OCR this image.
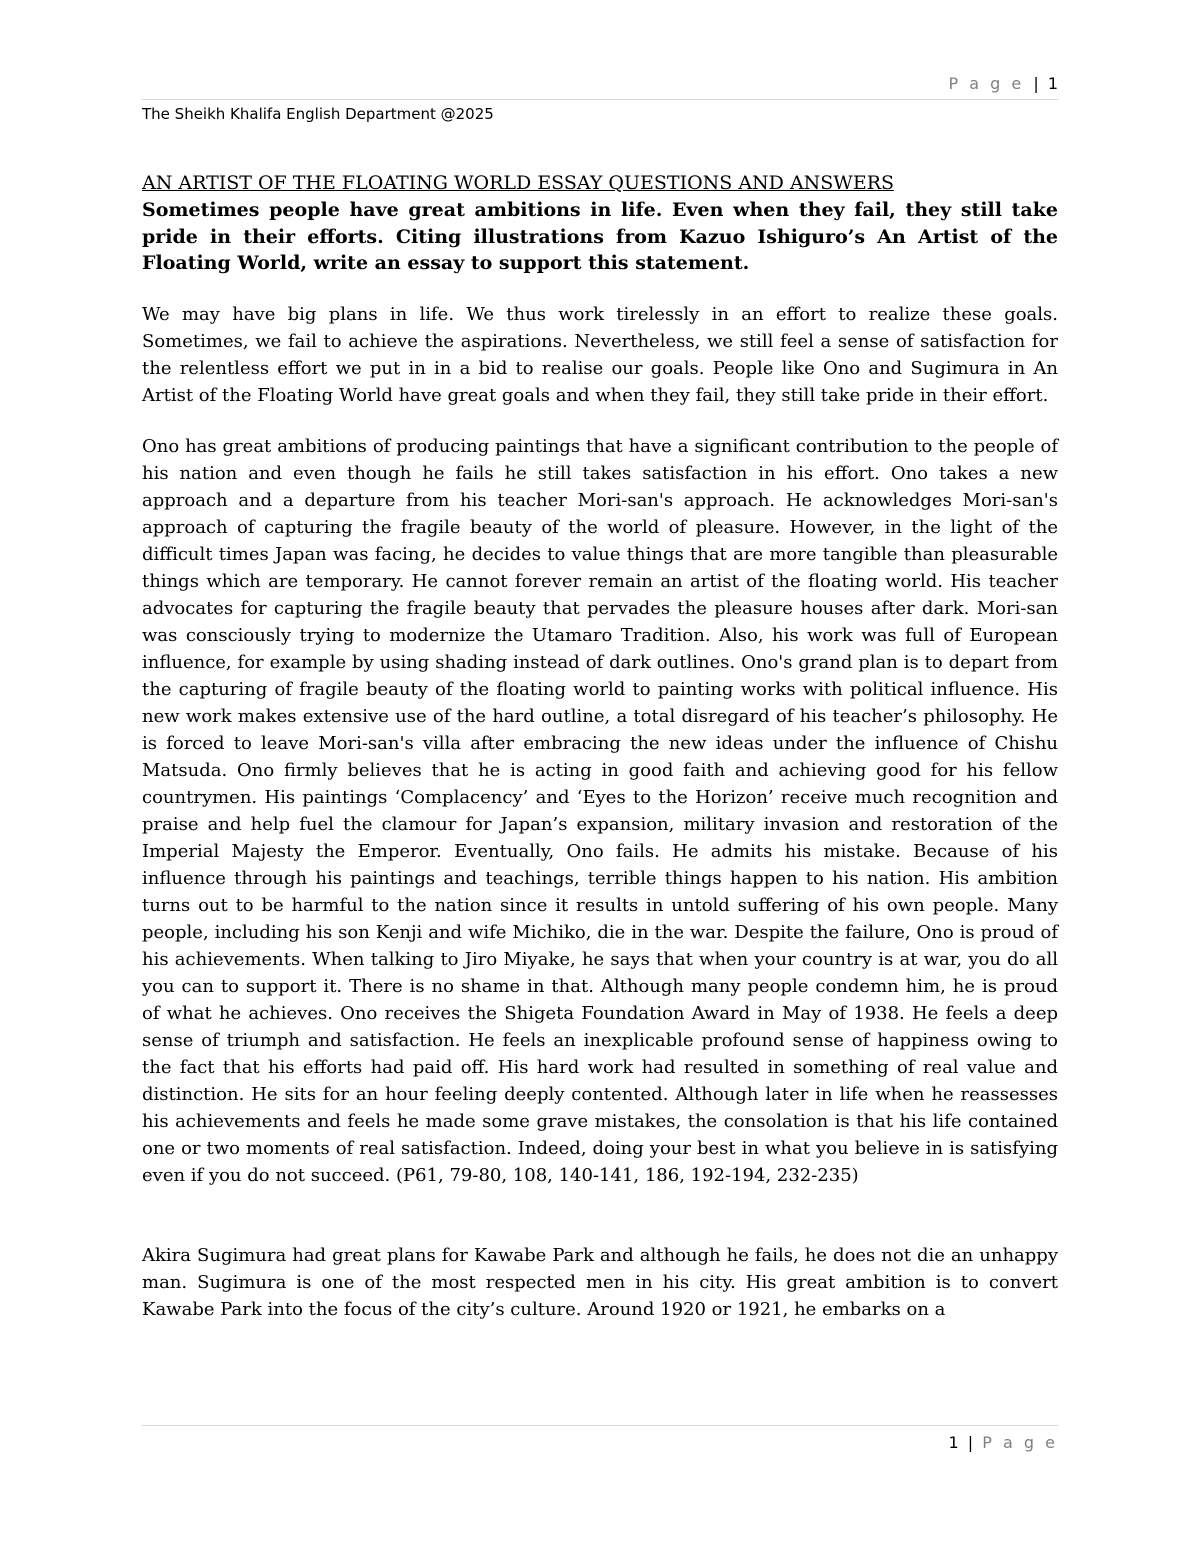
P a g e | 1
The Sheikh Khalifa English Department @2025
AN ARTIST OF THE FLOATING WORLD ESSAY QUESTIONS AND ANSWERS

Sometimes people have great ambitions in life. Even when they fail, they still take pride in their efforts. Citing illustrations from Kazuo Ishiguro’s An Artist of the Floating World, write an essay to support this statement.

We may have big plans in life. We thus work tirelessly in an effort to realize these goals. Sometimes, we fail to achieve the aspirations. Nevertheless, we still feel a sense of satisfaction for the relentless effort we put in in a bid to realise our goals. People like Ono and Sugimura in An Artist of the Floating World have great goals and when they fail, they still take pride in their effort.

Ono has great ambitions of producing paintings that have a significant contribution to the people of his nation and even though he fails he still takes satisfaction in his effort. Ono takes a new approach and a departure from his teacher Mori-san's approach. He acknowledges Mori-san's approach of capturing the fragile beauty of the world of pleasure. However, in the light of the difficult times Japan was facing, he decides to value things that are more tangible than pleasurable things which are temporary. He cannot forever remain an artist of the floating world. His teacher advocates for capturing the fragile beauty that pervades the pleasure houses after dark. Mori-san was consciously trying to modernize the Utamaro Tradition. Also, his work was full of European influence, for example by using shading instead of dark outlines. Ono's grand plan is to depart from the capturing of fragile beauty of the floating world to painting works with political influence. His new work makes extensive use of the hard outline, a total disregard of his teacher’s philosophy. He is forced to leave Mori-san's villa after embracing the new ideas under the influence of Chishu Matsuda. Ono firmly believes that he is acting in good faith and achieving good for his fellow countrymen. His paintings ‘Complacency’ and ‘Eyes to the Horizon’ receive much recognition and praise and help fuel the clamour for Japan’s expansion, military invasion and restoration of the Imperial Majesty the Emperor. Eventually, Ono fails. He admits his mistake. Because of his influence through his paintings and teachings, terrible things happen to his nation. His ambition turns out to be harmful to the nation since it results in untold suffering of his own people. Many people, including his son Kenji and wife Michiko, die in the war. Despite the failure, Ono is proud of his achievements. When talking to Jiro Miyake, he says that when your country is at war, you do all you can to support it. There is no shame in that. Although many people condemn him, he is proud of what he achieves. Ono receives the Shigeta Foundation Award in May of 1938. He feels a deep sense of triumph and satisfaction. He feels an inexplicable profound sense of happiness owing to the fact that his efforts had paid off. His hard work had resulted in something of real value and distinction. He sits for an hour feeling deeply contented. Although later in life when he reassesses his achievements and feels he made some grave mistakes, the consolation is that his life contained one or two moments of real satisfaction. Indeed, doing your best in what you believe in is satisfying even if you do not succeed. (P61, 79-80, 108, 140-141, 186, 192-194, 232-235)

Akira Sugimura had great plans for Kawabe Park and although he fails, he does not die an unhappy man. Sugimura is one of the most respected men in his city. His great ambition is to convert Kawabe Park into the focus of the city’s culture. Around 1920 or 1921, he embarks on a

1 | P a g e
